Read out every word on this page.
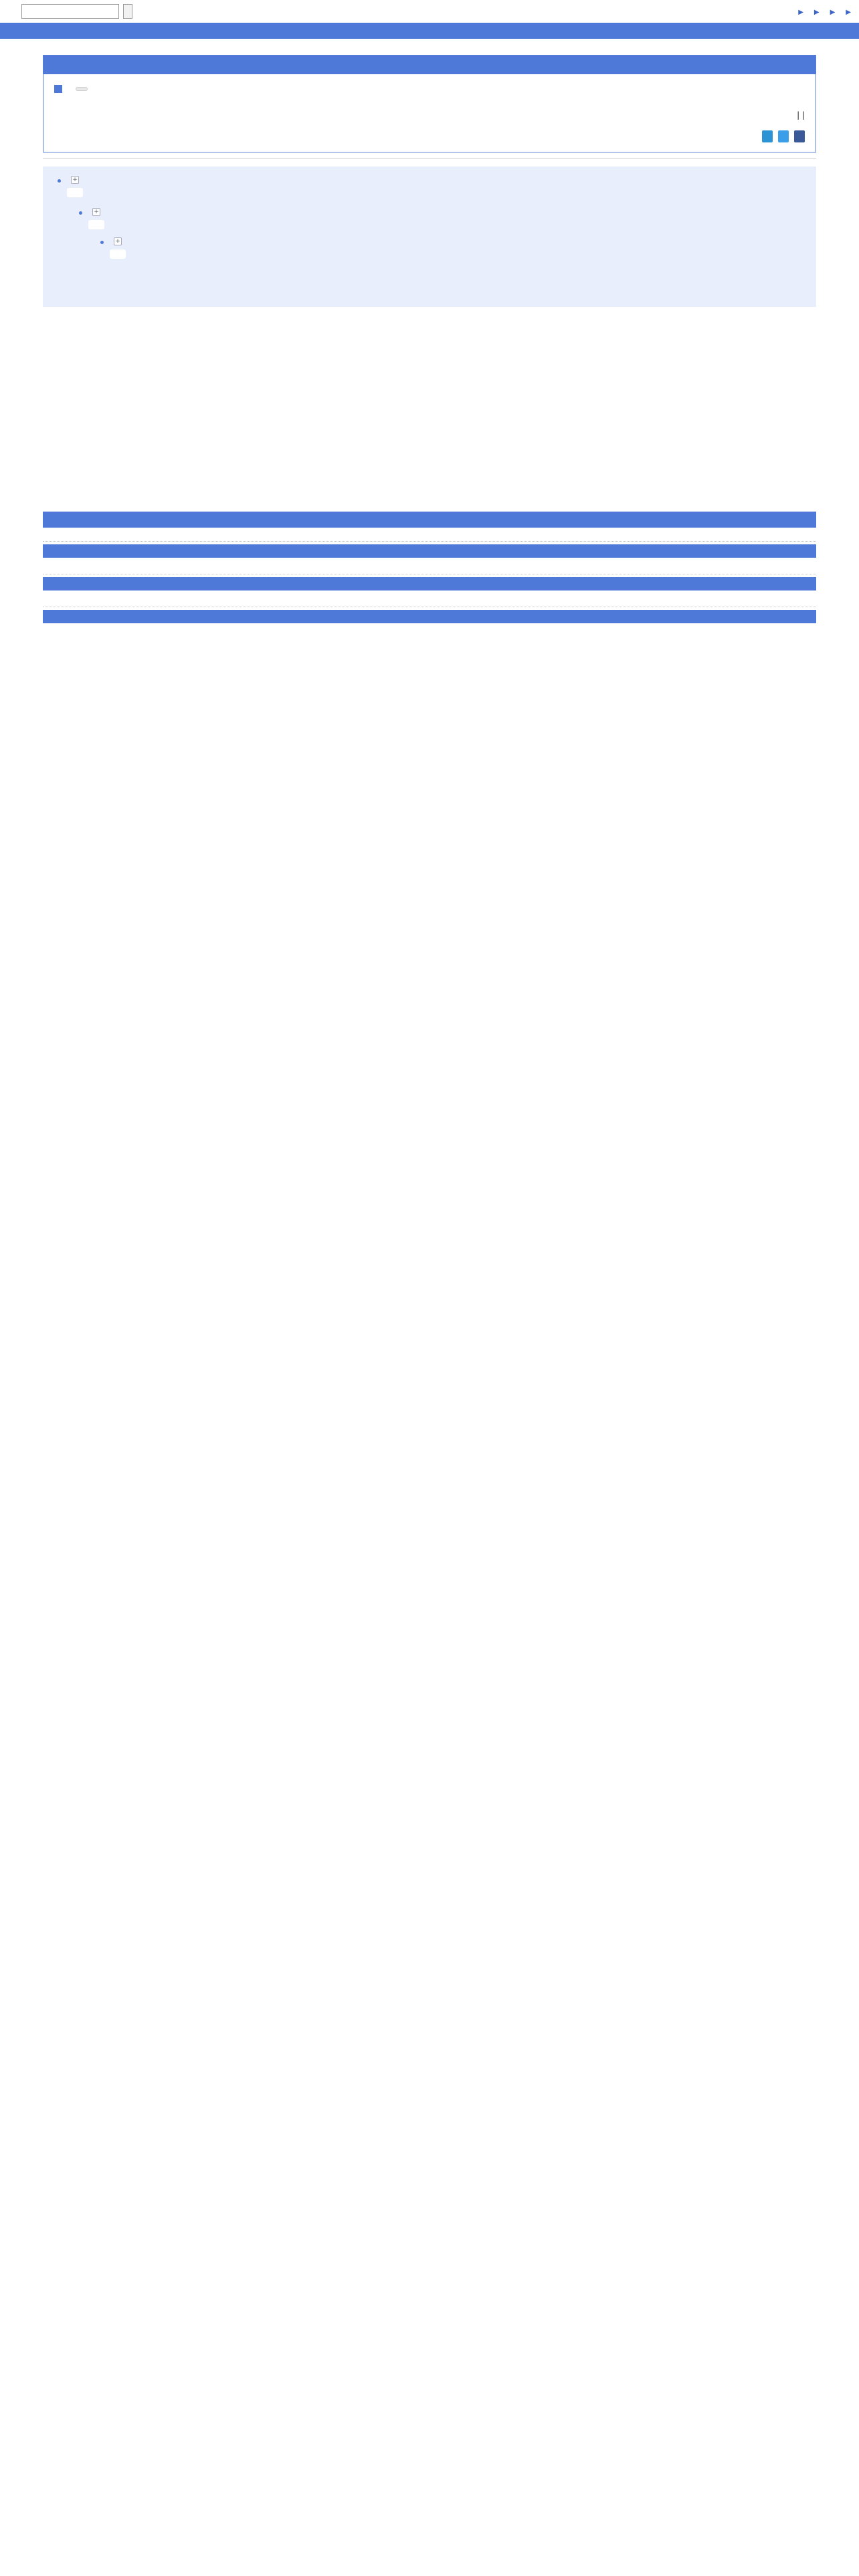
▶ ▶ ▶ ▶
| |
+
+
+
